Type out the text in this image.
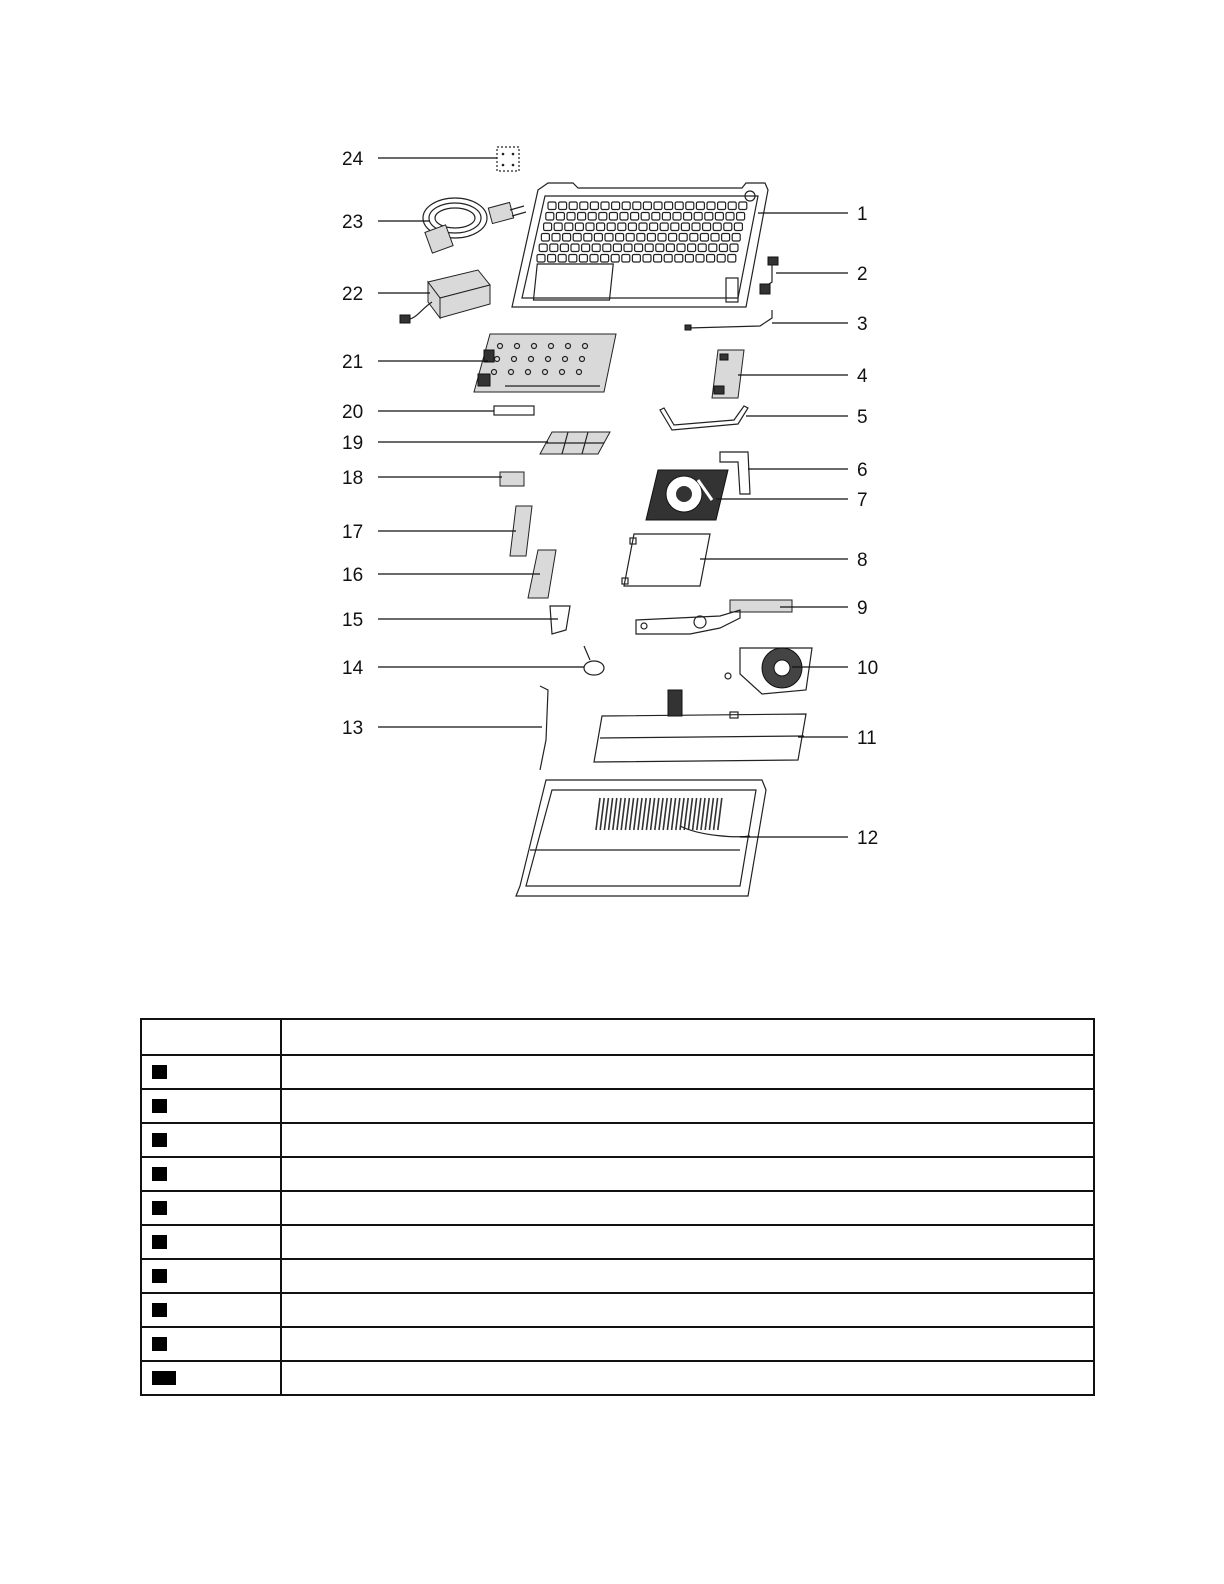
1
2
3
4
5
6
7
8
9
10
11
12
13
14
15
16
17
18
19
20
21
22
23
24
